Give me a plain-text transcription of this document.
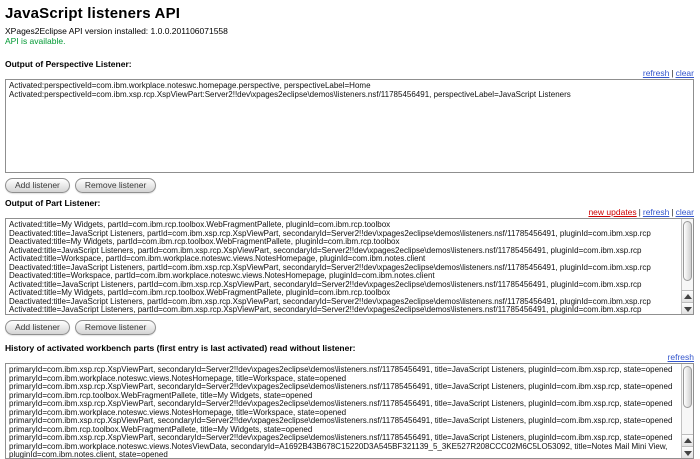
JavaScript listeners API
XPages2Eclipse API version installed: 1.0.0.201106071558
API is available.
Output of Perspective Listener:
refresh | clear
Activated:perspectiveId=com.ibm.workplace.noteswc.homepage.perspective, perspectiveLabel=Home
Activated:perspectiveId=com.ibm.xsp.rcp.XspViewPart:Server2!!dev\xpages2eclipse\demos\listeners.nsf/11785456491, perspectiveLabel=JavaScript Listeners
Add listener	Remove listener
Output of Part Listener:
new updates | refresh | clear
Activated:title=My Widgets, partId=com.ibm.rcp.toolbox.WebFragmentPallete, pluginId=com.ibm.rcp.toolbox
Deactivated:title=JavaScript Listeners, partId=com.ibm.xsp.rcp.XspViewPart, secondaryId=Server2!!dev\xpages2eclipse\demos\listeners.nsf/11785456491, pluginId=com.ibm.xsp.rcp
Deactivated:title=My Widgets, partId=com.ibm.rcp.toolbox.WebFragmentPallete, pluginId=com.ibm.rcp.toolbox
Activated:title=JavaScript Listeners, partId=com.ibm.xsp.rcp.XspViewPart, secondaryId=Server2!!dev\xpages2eclipse\demos\listeners.nsf/11785456491, pluginId=com.ibm.xsp.rcp
Activated:title=Workspace, partId=com.ibm.workplace.noteswc.views.NotesHomepage, pluginId=com.ibm.notes.client
Deactivated:title=JavaScript Listeners, partId=com.ibm.xsp.rcp.XspViewPart, secondaryId=Server2!!dev\xpages2eclipse\demos\listeners.nsf/11785456491, pluginId=com.ibm.xsp.rcp
Deactivated:title=Workspace, partId=com.ibm.workplace.noteswc.views.NotesHomepage, pluginId=com.ibm.notes.client
Activated:title=JavaScript Listeners, partId=com.ibm.xsp.rcp.XspViewPart, secondaryId=Server2!!dev\xpages2eclipse\demos\listeners.nsf/11785456491, pluginId=com.ibm.xsp.rcp
Activated:title=My Widgets, partId=com.ibm.rcp.toolbox.WebFragmentPallete, pluginId=com.ibm.rcp.toolbox
Deactivated:title=JavaScript Listeners, partId=com.ibm.xsp.rcp.XspViewPart, secondaryId=Server2!!dev\xpages2eclipse\demos\listeners.nsf/11785456491, pluginId=com.ibm.xsp.rcp
Activated:title=JavaScript Listeners, partId=com.ibm.xsp.rcp.XspViewPart, secondaryId=Server2!!dev\xpages2eclipse\demos\listeners.nsf/11785456491, pluginId=com.ibm.xsp.rcp
Add listener	Remove listener
History of activated workbench parts (first entry is last activated) read without listener:
refresh
primaryId=com.ibm.xsp.rcp.XspViewPart, secondaryId=Server2!!dev\xpages2eclipse\demos\listeners.nsf/11785456491, title=JavaScript Listeners, pluginId=com.ibm.xsp.rcp, state=opened
primaryId=com.ibm.workplace.noteswc.views.NotesHomepage, title=Workspace, state=opened
primaryId=com.ibm.xsp.rcp.XspViewPart, secondaryId=Server2!!dev\xpages2eclipse\demos\listeners.nsf/11785456491, title=JavaScript Listeners, pluginId=com.ibm.xsp.rcp, state=opened
primaryId=com.ibm.rcp.toolbox.WebFragmentPallete, title=My Widgets, state=opened
primaryId=com.ibm.xsp.rcp.XspViewPart, secondaryId=Server2!!dev\xpages2eclipse\demos\listeners.nsf/11785456491, title=JavaScript Listeners, pluginId=com.ibm.xsp.rcp, state=opened
primaryId=com.ibm.workplace.noteswc.views.NotesHomepage, title=Workspace, state=opened
primaryId=com.ibm.xsp.rcp.XspViewPart, secondaryId=Server2!!dev\xpages2eclipse\demos\listeners.nsf/11785456491, title=JavaScript Listeners, pluginId=com.ibm.xsp.rcp, state=opened
primaryId=com.ibm.rcp.toolbox.WebFragmentPallete, title=My Widgets, state=opened
primaryId=com.ibm.xsp.rcp.XspViewPart, secondaryId=Server2!!dev\xpages2eclipse\demos\listeners.nsf/11785456491, title=JavaScript Listeners, pluginId=com.ibm.xsp.rcp, state=opened
primaryId=com.ibm.workplace.noteswc.views.NotesViewData, secondaryId=A1692B43B678C15220D3A545BF321139_5_3KE527R208CCC02M6C5LO53092, title=Notes Mail Mini View,
pluginId=com.ibm.notes.client, state=opened
